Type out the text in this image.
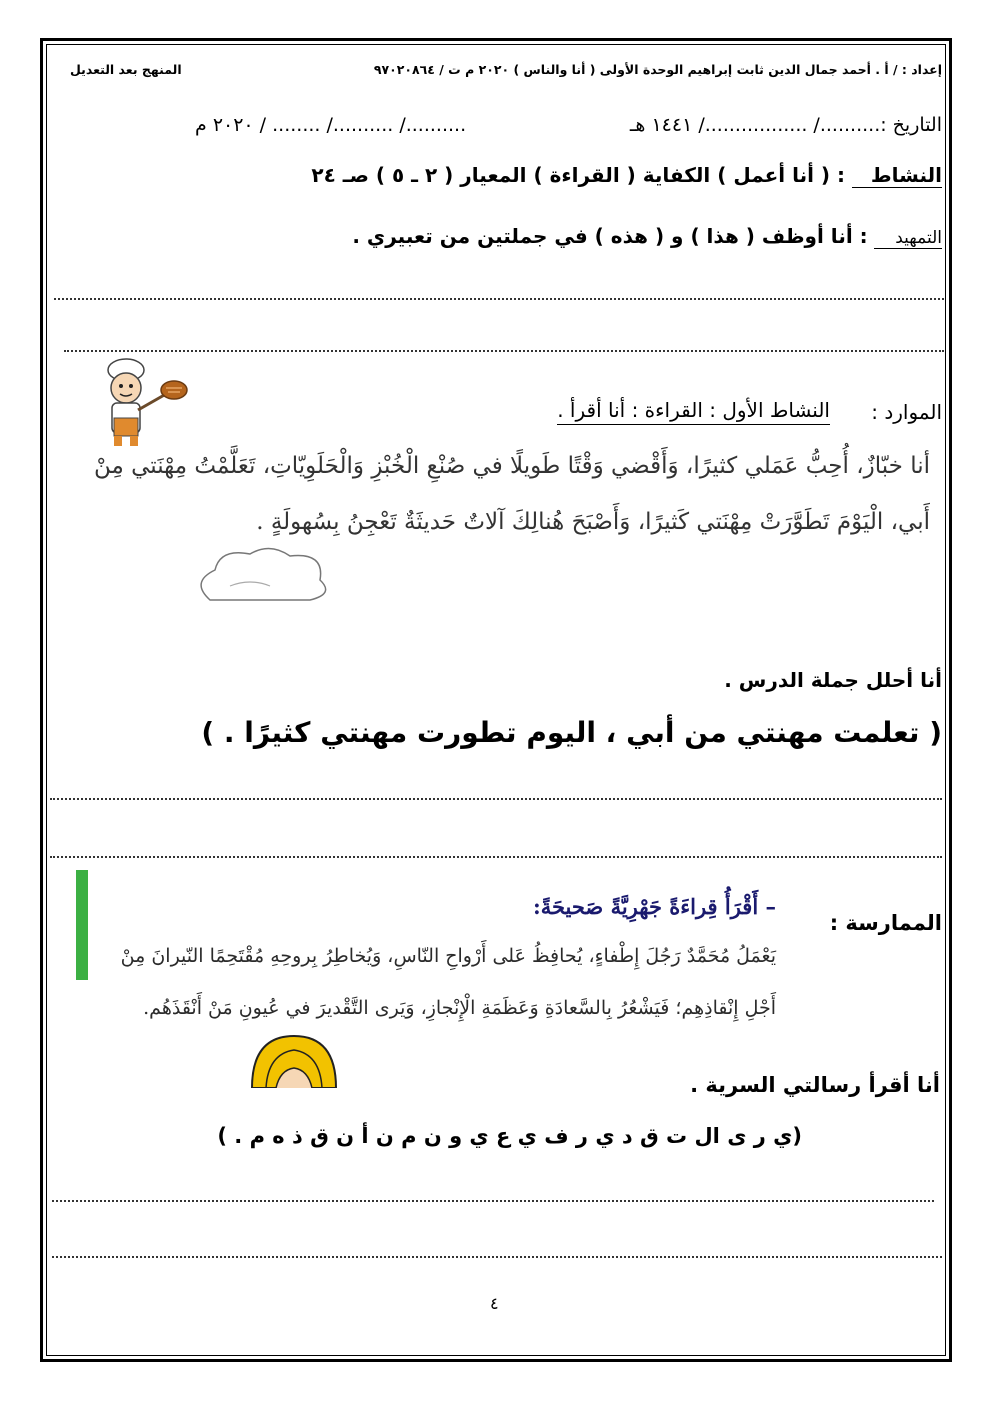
إعداد : / أ . أحمد جمال الدين ثابت إبراهيم الوحدة الأولى ( أنا والناس ) ٢٠٢٠ م ت / ٩٧٠٢٠٨٦٤
المنهج بعد التعديل
التاريخ :........../ ................./ ١٤٤١ هـ
........../ ........../ ........ / ٢٠٢٠ م
النشاط : ( أنا أعمل ) الكفاية ( القراءة ) المعيار ( ٢ ـ ٥ ) صـ ٢٤
التمهيد : أنا أوظف ( هذا ) و ( هذه ) في جملتين من تعبيري .
الموارد :
النشاط الأول : القراءة : أنا أقرأ .
أنا خبّازٌ، أُحِبُّ عَمَلي كثيرًا، وَأَقْضي وَقْتًا طَويلًا في صُنْعِ الْخُبْزِ وَالْحَلَوِيّاتِ، تَعَلَّمْتُ مِهْنَتي مِنْ أَبي، الْيَوْمَ تَطَوَّرَتْ مِهْنَتي كَثيرًا، وَأَصْبَحَ هُنالِكَ آلاتٌ حَديثَةٌ تَعْجِنُ بِسُهولَةٍ .
أنا أحلل جملة الدرس .
( تعلمت مهنتي من أبي ، اليوم تطورت مهنتي كثيرًا . )
الممارسة :
– أَقْرَأُ قِراءَةً جَهْرِيَّةً صَحيحَةً:
يَعْمَلُ مُحَمَّدٌ رَجُلَ إِطْفاءٍ، يُحافِظُ عَلى أَرْواحِ النّاسِ، وَيُخاطِرُ بِروحِهِ مُقْتَحِمًا النّيرانَ مِنْ أَجْلِ إِنْقاذِهِم؛ فَيَشْعُرُ بِالسَّعادَةِ وَعَظَمَةِ الْإِنْجازِ، وَيَرى التَّقْديرَ في عُيونِ مَنْ أَنْقَذَهُم.
أنا أقرأ رسالتي السرية .
(ي ر ى ال ت ق د ي ر ف ي ع ي و ن م ن أ ن ق ذ ه م . )
٤
